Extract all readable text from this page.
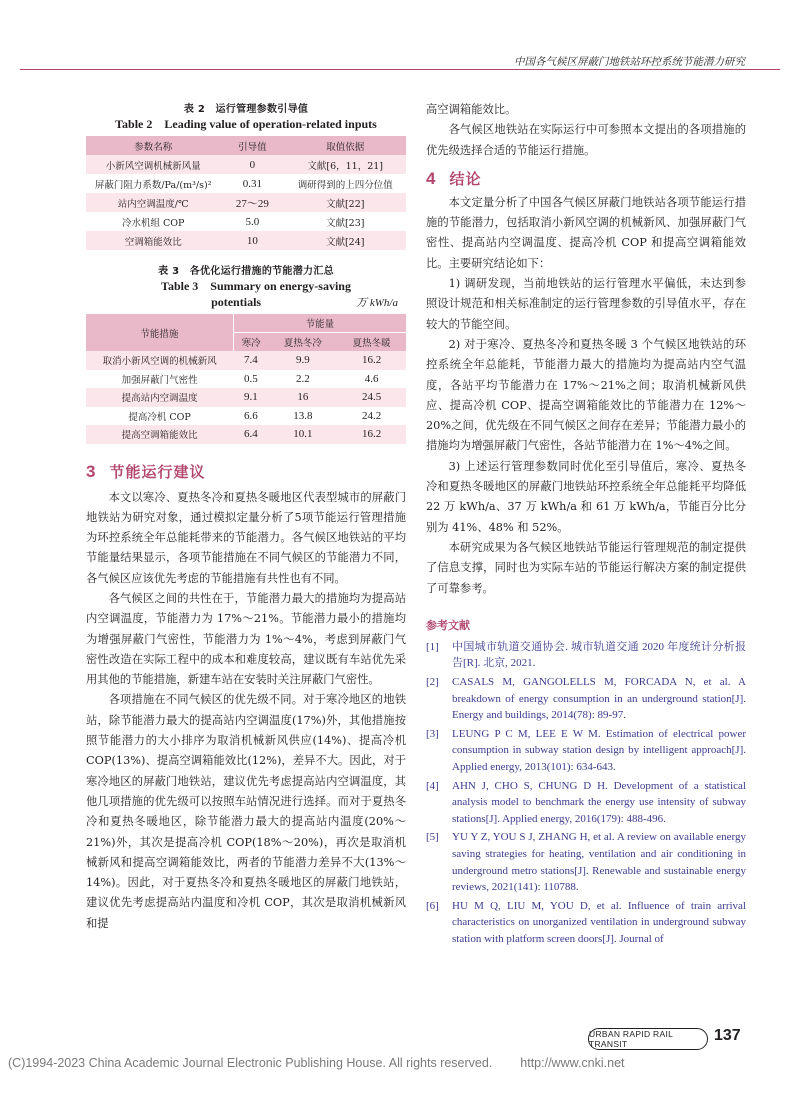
中国各气候区屏蔽门地铁站环控系统节能潜力研究
表 2　运行管理参数引导值
Table 2　Leading value of operation-related inputs
参数名称	引导值	取值依据
小新风空调机械新风量	0	文献[6，11，21]
屏蔽门阻力系数/Pa/(m³/s)²	0.31	调研得到的上四分位值
站内空调温度/℃	27～29	文献[22]
冷水机组 COP	5.0	文献[23]
空调箱能效比	10	文献[24]
表 3　各优化运行措施的节能潜力汇总
Table 3　Summary on energy-saving
potentials	万 kWh/a
节能措施	节能量		
	寒冷	夏热冬冷	夏热冬暖
取消小新风空调的机械新风	7.4	9.9	16.2
加强屏蔽门气密性	0.5	2.2	4.6
提高站内空调温度	9.1	16	24.5
提高冷机 COP	6.6	13.8	24.2
提高空调箱能效比	6.4	10.1	16.2
3 节能运行建议

本文以寒冷、夏热冬冷和夏热冬暖地区代表型城市的屏蔽门地铁站为研究对象，通过模拟定量分析了5项节能运行管理措施为环控系统全年总能耗带来的节能潜力。各气候区地铁站的平均节能量结果显示，各项节能措施在不同气候区的节能潜力不同，各气候区应该优先考虑的节能措施有共性也有不同。

各气候区之间的共性在于，节能潜力最大的措施均为提高站内空调温度，节能潜力为 17%～21%。节能潜力最小的措施均为增强屏蔽门气密性，节能潜力为 1%～4%，考虑到屏蔽门气密性改造在实际工程中的成本和难度较高，建议既有车站优先采用其他的节能措施，新建车站在安装时关注屏蔽门气密性。

各项措施在不同气候区的优先级不同。对于寒冷地区的地铁站，除节能潜力最大的提高站内空调温度(17%)外，其他措施按照节能潜力的大小排序为取消机械新风供应(14%)、提高冷机 COP(13%)、提高空调箱能效比(12%)，差异不大。因此，对于寒冷地区的屏蔽门地铁站，建议优先考虑提高站内空调温度，其他几项措施的优先级可以按照车站情况进行选择。而对于夏热冬冷和夏热冬暖地区，除节能潜力最大的提高站内温度(20%～21%)外，其次是提高冷机 COP(18%～20%)，再次是取消机械新风和提高空调箱能效比，两者的节能潜力差异不大(13%～14%)。因此，对于夏热冬冷和夏热冬暖地区的屏蔽门地铁站，建议优先考虑提高站内温度和冷机 COP，其次是取消机械新风和提

高空调箱能效比。

各气候区地铁站在实际运行中可参照本文提出的各项措施的优先级选择合适的节能运行措施。

4 结论

本文定量分析了中国各气候区屏蔽门地铁站各项节能运行措施的节能潜力，包括取消小新风空调的机械新风、加强屏蔽门气密性、提高站内空调温度、提高冷机 COP 和提高空调箱能效比。主要研究结论如下：

1) 调研发现，当前地铁站的运行管理水平偏低，未达到参照设计规范和相关标准制定的运行管理参数的引导值水平，存在较大的节能空间。

2) 对于寒冷、夏热冬冷和夏热冬暖 3 个气候区地铁站的环控系统全年总能耗，节能潜力最大的措施均为提高站内空气温度，各站平均节能潜力在 17%～21%之间；取消机械新风供应、提高冷机 COP、提高空调箱能效比的节能潜力在 12%～20%之间，优先级在不同气候区之间存在差异；节能潜力最小的措施均为增强屏蔽门气密性，各站节能潜力在 1%～4%之间。

3) 上述运行管理参数同时优化至引导值后，寒冷、夏热冬冷和夏热冬暖地区的屏蔽门地铁站环控系统全年总能耗平均降低 22 万 kWh/a、37 万 kWh/a 和 61 万 kWh/a，节能百分比分别为 41%、48% 和 52%。

本研究成果为各气候区地铁站节能运行管理规范的制定提供了信息支撑，同时也为实际车站的节能运行解决方案的制定提供了可靠参考。

参考文献
[1]	中国城市轨道交通协会. 城市轨道交通 2020 年度统计分析报告[R]. 北京, 2021.
[2]	CASALS M, GANGOLELLS M, FORCADA N, et al. A breakdown of energy consumption in an underground station[J]. Energy and buildings, 2014(78): 89-97.
[3]	LEUNG P C M, LEE E W M. Estimation of electrical power consumption in subway station design by intelligent approach[J]. Applied energy, 2013(101): 634-643.
[4]	AHN J, CHO S, CHUNG D H. Development of a statistical analysis model to benchmark the energy use intensity of subway stations[J]. Applied energy, 2016(179): 488-496.
[5]	YU Y Z, YOU S J, ZHANG H, et al. A review on available energy saving strategies for heating, ventilation and air conditioning in underground metro stations[J]. Renewable and sustainable energy reviews, 2021(141): 110788.
[6]	HU M Q, LIU M, YOU D, et al. Influence of train arrival characteristics on unorganized ventilation in underground subway station with platform screen doors[J]. Journal of
URBAN RAPID RAIL TRANSIT	137
(C)1994-2023 China Academic Journal Electronic Publishing House. All rights reserved. http://www.cnki.net
